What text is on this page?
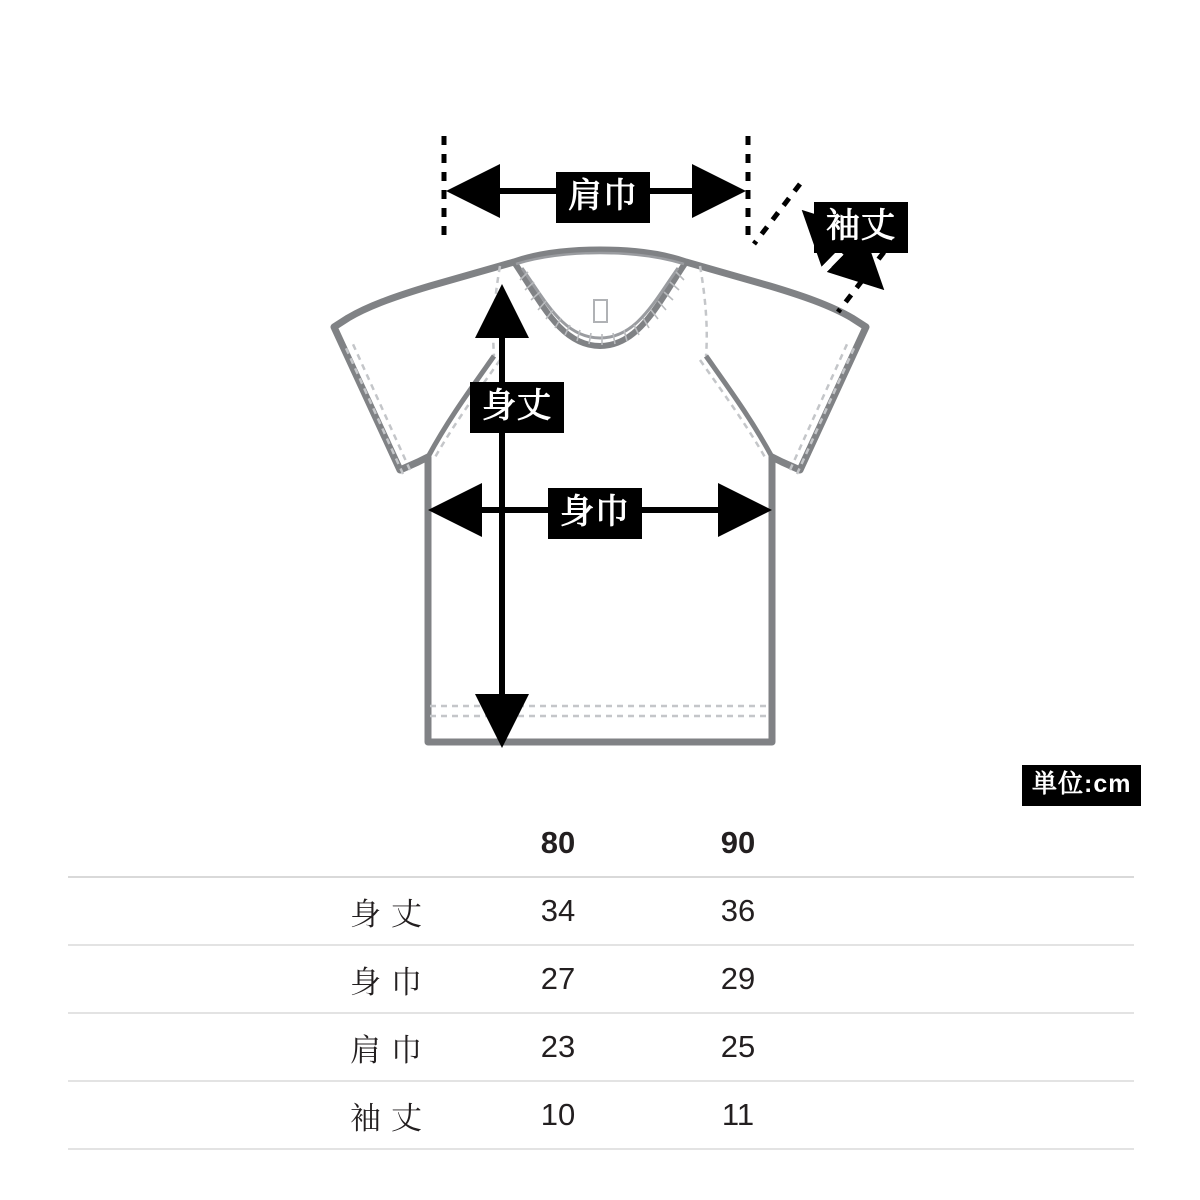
肩巾
袖丈
身丈
身巾
単位:cm
	80	90	
身丈	34	36	
身巾	27	29	
肩巾	23	25	
袖丈	10	11	
